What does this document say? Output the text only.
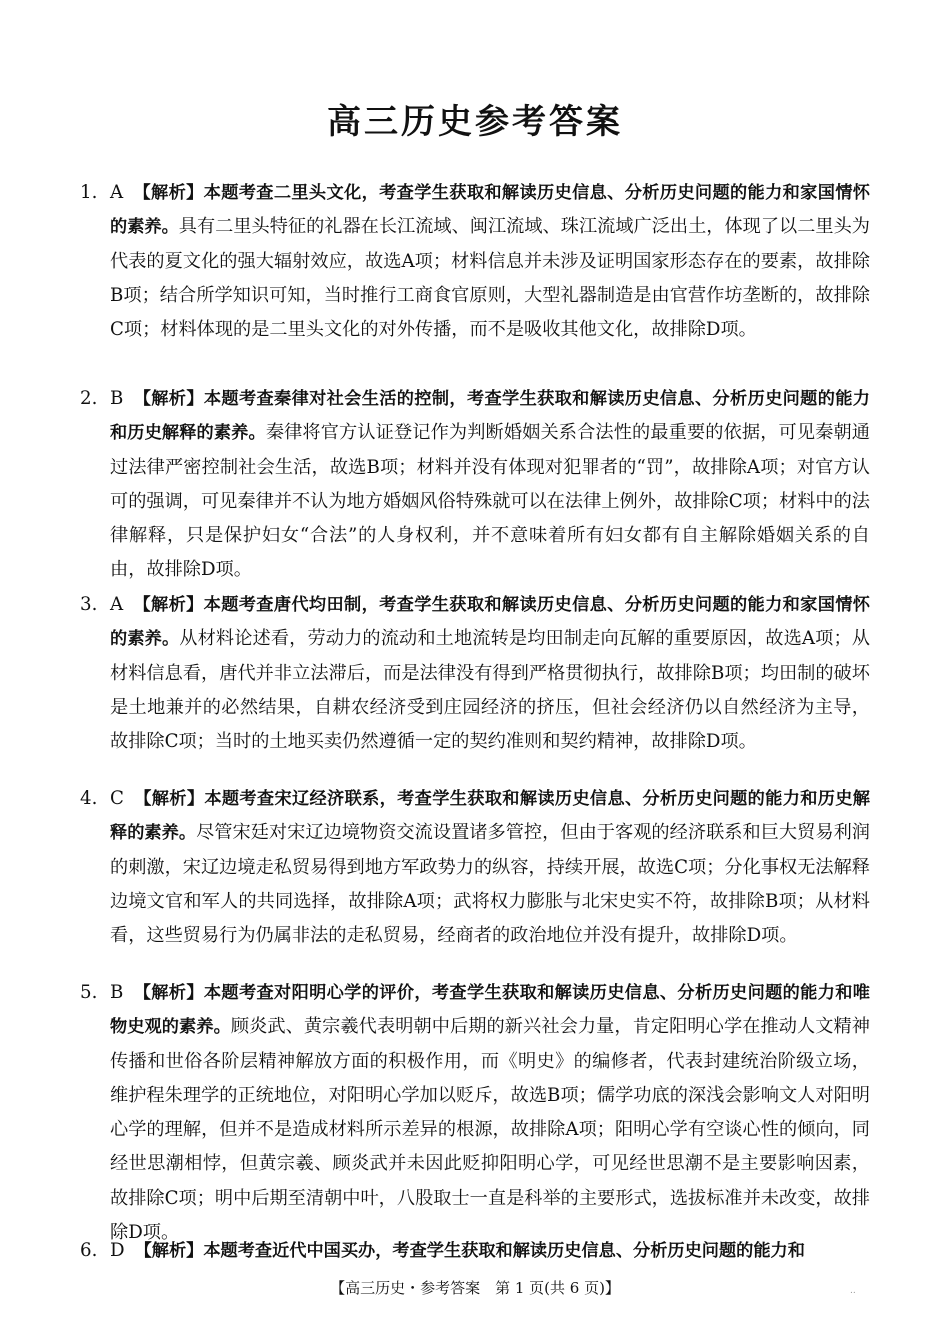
高三历史参考答案
1. A 【解析】本题考查二里头文化，考查学生获取和解读历史信息、分析历史问题的能力和家国情怀的素养。具有二里头特征的礼器在长江流域、闽江流域、珠江流域广泛出土，体现了以二里头为代表的夏文化的强大辐射效应，故选A项；材料信息并未涉及证明国家形态存在的要素，故排除B项；结合所学知识可知，当时推行工商食官原则，大型礼器制造是由官营作坊垄断的，故排除C项；材料体现的是二里头文化的对外传播，而不是吸收其他文化，故排除D项。
2. B 【解析】本题考查秦律对社会生活的控制，考查学生获取和解读历史信息、分析历史问题的能力和历史解释的素养。秦律将官方认证登记作为判断婚姻关系合法性的最重要的依据，可见秦朝通过法律严密控制社会生活，故选B项；材料并没有体现对犯罪者的“罚”，故排除A项；对官方认可的强调，可见秦律并不认为地方婚姻风俗特殊就可以在法律上例外，故排除C项；材料中的法律解释，只是保护妇女“合法”的人身权利，并不意味着所有妇女都有自主解除婚姻关系的自由，故排除D项。
3. A 【解析】本题考查唐代均田制，考查学生获取和解读历史信息、分析历史问题的能力和家国情怀的素养。从材料论述看，劳动力的流动和土地流转是均田制走向瓦解的重要原因，故选A项；从材料信息看，唐代并非立法滞后，而是法律没有得到严格贯彻执行，故排除B项；均田制的破坏是土地兼并的必然结果，自耕农经济受到庄园经济的挤压，但社会经济仍以自然经济为主导，故排除C项；当时的土地买卖仍然遵循一定的契约准则和契约精神，故排除D项。
4. C 【解析】本题考查宋辽经济联系，考查学生获取和解读历史信息、分析历史问题的能力和历史解释的素养。尽管宋廷对宋辽边境物资交流设置诸多管控，但由于客观的经济联系和巨大贸易利润的刺激，宋辽边境走私贸易得到地方军政势力的纵容，持续开展，故选C项；分化事权无法解释边境文官和军人的共同选择，故排除A项；武将权力膨胀与北宋史实不符，故排除B项；从材料看，这些贸易行为仍属非法的走私贸易，经商者的政治地位并没有提升，故排除D项。
5. B 【解析】本题考查对阳明心学的评价，考查学生获取和解读历史信息、分析历史问题的能力和唯物史观的素养。顾炎武、黄宗羲代表明朝中后期的新兴社会力量，肯定阳明心学在推动人文精神传播和世俗各阶层精神解放方面的积极作用，而《明史》的编修者，代表封建统治阶级立场，维护程朱理学的正统地位，对阳明心学加以贬斥，故选B项；儒学功底的深浅会影响文人对阳明心学的理解，但并不是造成材料所示差异的根源，故排除A项；阳明心学有空谈心性的倾向，同经世思潮相悖，但黄宗羲、顾炎武并未因此贬抑阳明心学，可见经世思潮不是主要影响因素，故排除C项；明中后期至清朝中叶，八股取士一直是科举的主要形式，选拔标准并未改变，故排除D项。
6. D 【解析】本题考查近代中国买办，考查学生获取和解读历史信息、分析历史问题的能力和
【高三历史・参考答案　第 1 页(共 6 页)】	..
